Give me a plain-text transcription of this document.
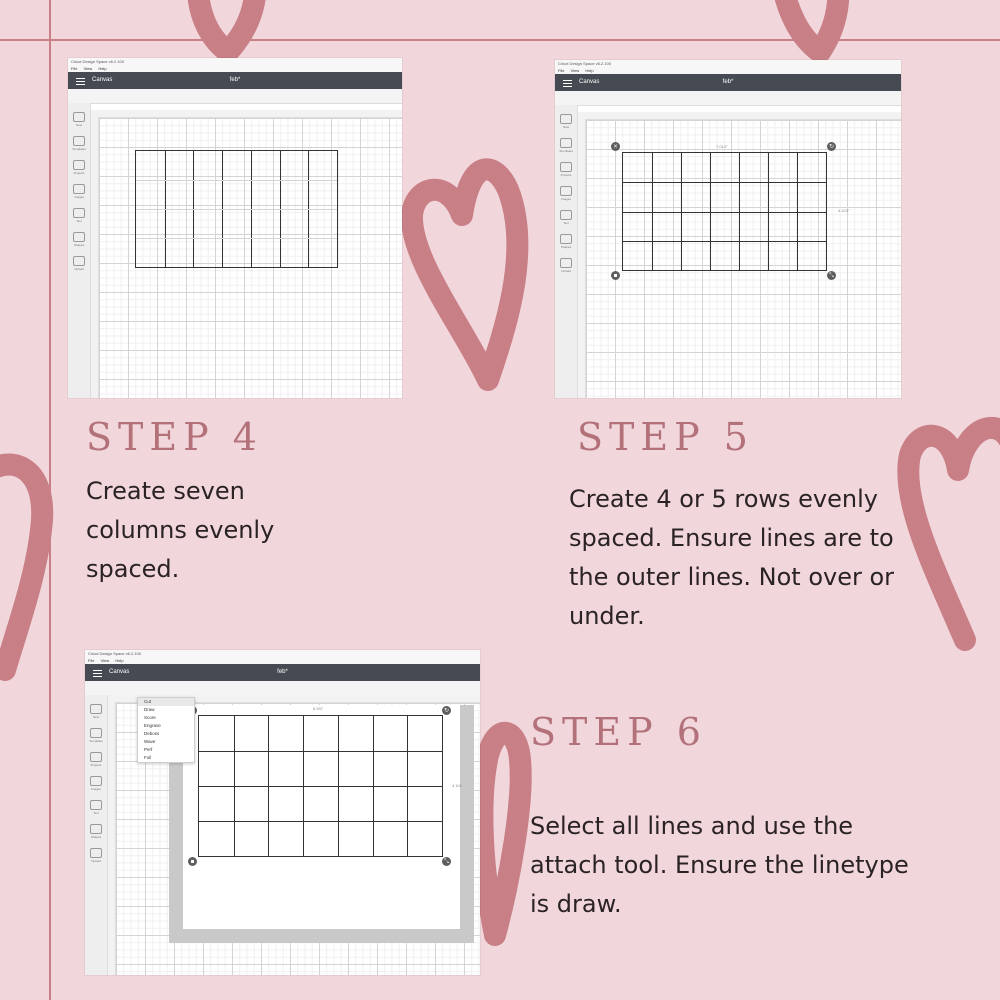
Cricut Design Space v6.2.100
File View Help
Canvas	feb*
New
Templates
Projects
Images
Text
Shapes
Upload
Cricut Design Space v6.2.100
File View Help
Canvas	feb*
New
Templates
Projects
Images
Text
Shapes
Upload
7.014"
4.103"
×	↻
▪	⤡
Cricut Design Space v6.2.100
File View Help
Canvas	feb*
New
Templates
Projects
Images
Text
Shapes
Upload
6.937
4.104
↻
▪	⤡
Cut
Draw
Score
Engrave
Deboss
Wave
Perf
Foil
STEP 4
Create seven columns evenly spaced.
STEP 5
Create 4 or 5 rows evenly spaced. Ensure lines are to the outer lines. Not over or under.
STEP 6
Select all lines and use the attach tool. Ensure the linetype is draw.
